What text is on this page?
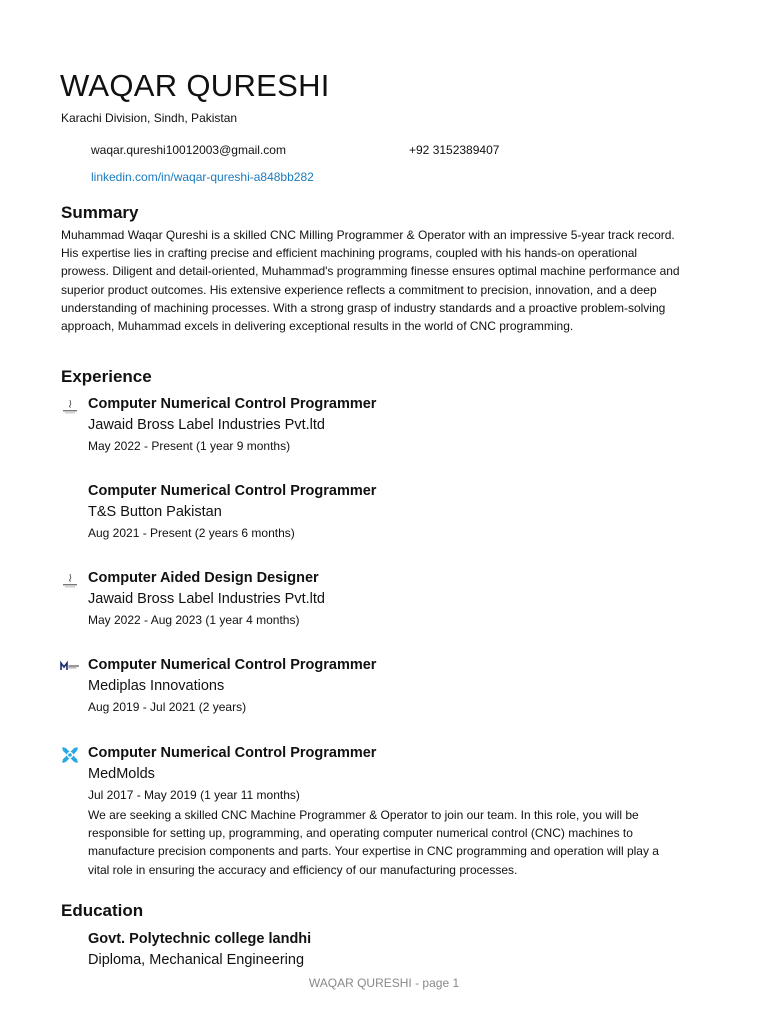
WAQAR QURESHI
Karachi Division, Sindh, Pakistan
waqar.qureshi10012003@gmail.com	+92 3152389407
linkedin.com/in/waqar-qureshi-a848bb282
Summary
Muhammad Waqar Qureshi is a skilled CNC Milling Programmer & Operator with an impressive 5-year track record. His expertise lies in crafting precise and efficient machining programs, coupled with his hands-on operational prowess. Diligent and detail-oriented, Muhammad's programming finesse ensures optimal machine performance and superior product outcomes. His extensive experience reflects a commitment to precision, innovation, and a deep understanding of machining processes. With a strong grasp of industry standards and a proactive problem-solving approach, Muhammad excels in delivering exceptional results in the world of CNC programming.
Experience
Computer Numerical Control Programmer
Jawaid Bross Label Industries Pvt.ltd
May 2022 - Present (1 year 9 months)
Computer Numerical Control Programmer
T&S Button Pakistan
Aug 2021 - Present (2 years 6 months)
Computer Aided Design Designer
Jawaid Bross Label Industries Pvt.ltd
May 2022 - Aug 2023 (1 year 4 months)
Computer Numerical Control Programmer
Mediplas Innovations
Aug 2019 - Jul 2021 (2 years)
Computer Numerical Control Programmer
MedMolds
Jul 2017 - May 2019 (1 year 11 months)
We are seeking a skilled CNC Machine Programmer & Operator to join our team. In this role, you will be responsible for setting up, programming, and operating computer numerical control (CNC) machines to manufacture precision components and parts. Your expertise in CNC programming and operation will play a vital role in ensuring the accuracy and efficiency of our manufacturing processes.
Education
Govt. Polytechnic college landhi
Diploma, Mechanical Engineering
WAQAR QURESHI - page 1
